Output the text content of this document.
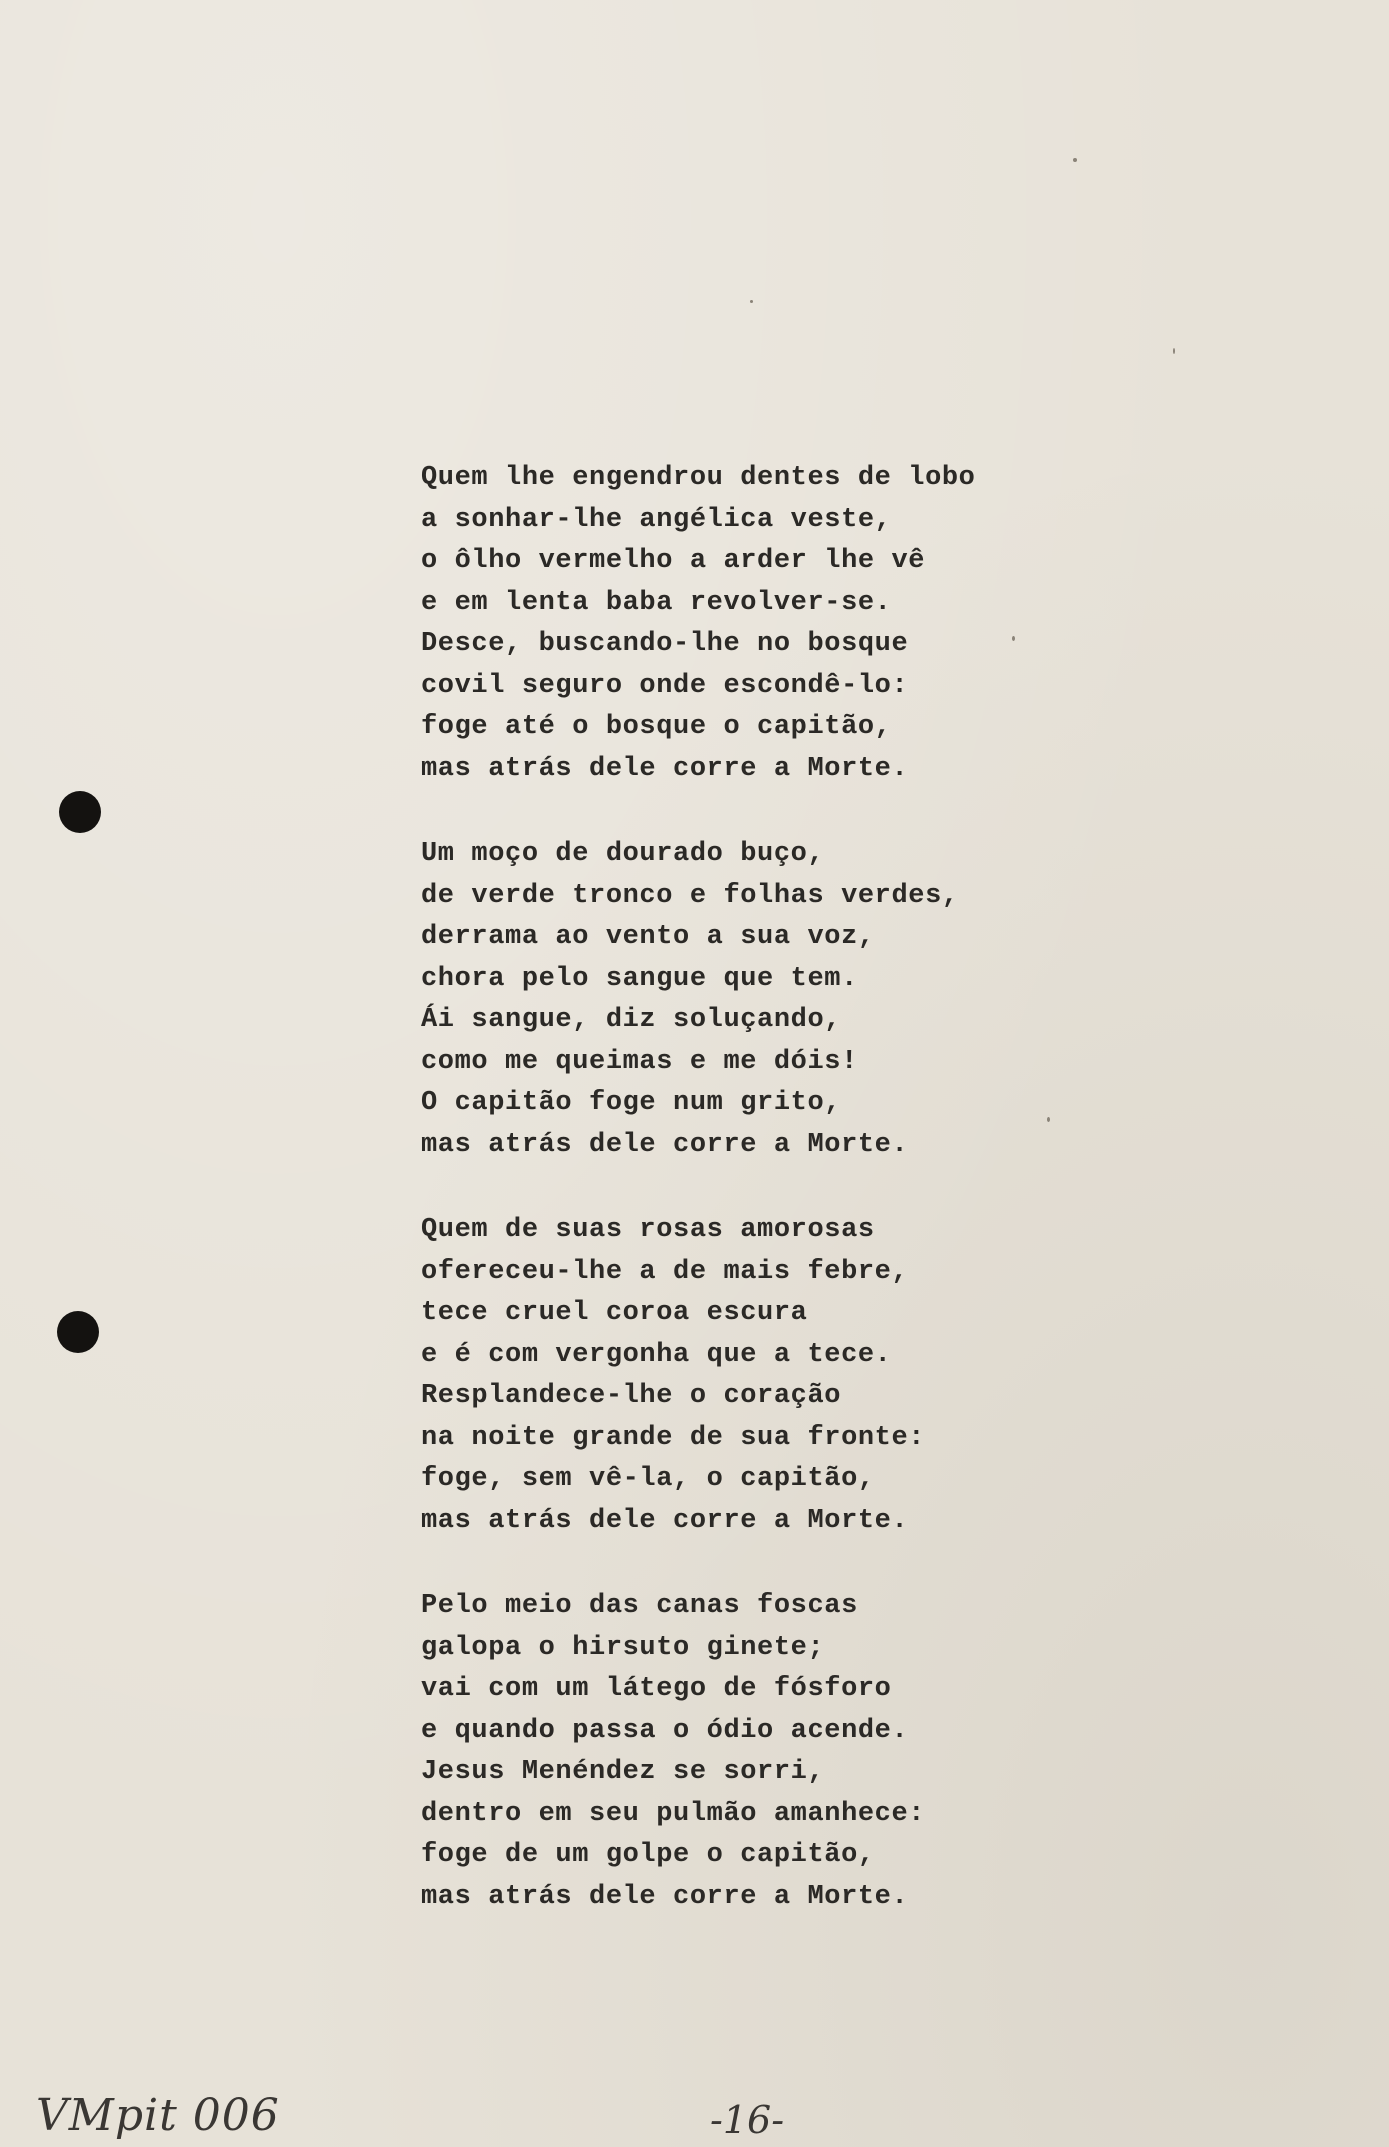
Quem lhe engendrou dentes de lobo
a sonhar-lhe angélica veste,
o ôlho vermelho a arder lhe vê
e em lenta baba revolver-se.
Desce, buscando-lhe no bosque
covil seguro onde escondê-lo:
foge até o bosque o capitão,
mas atrás dele corre a Morte.
Um moço de dourado buço,
de verde tronco e folhas verdes,
derrama ao vento a sua voz,
chora pelo sangue que tem.
Ái sangue, diz soluçando,
como me queimas e me dóis!
O capitão foge num grito,
mas atrás dele corre a Morte.
Quem de suas rosas amorosas
ofereceu-lhe a de mais febre,
tece cruel coroa escura
e é com vergonha que a tece.
Resplandece-lhe o coração
na noite grande de sua fronte:
foge, sem vê-la, o capitão,
mas atrás dele corre a Morte.
Pelo meio das canas foscas
galopa o hirsuto ginete;
vai com um látego de fósforo
e quando passa o ódio acende.
Jesus Menéndez se sorri,
dentro em seu pulmão amanhece:
foge de um golpe o capitão,
mas atrás dele corre a Morte.
VMpit 006	-16-
